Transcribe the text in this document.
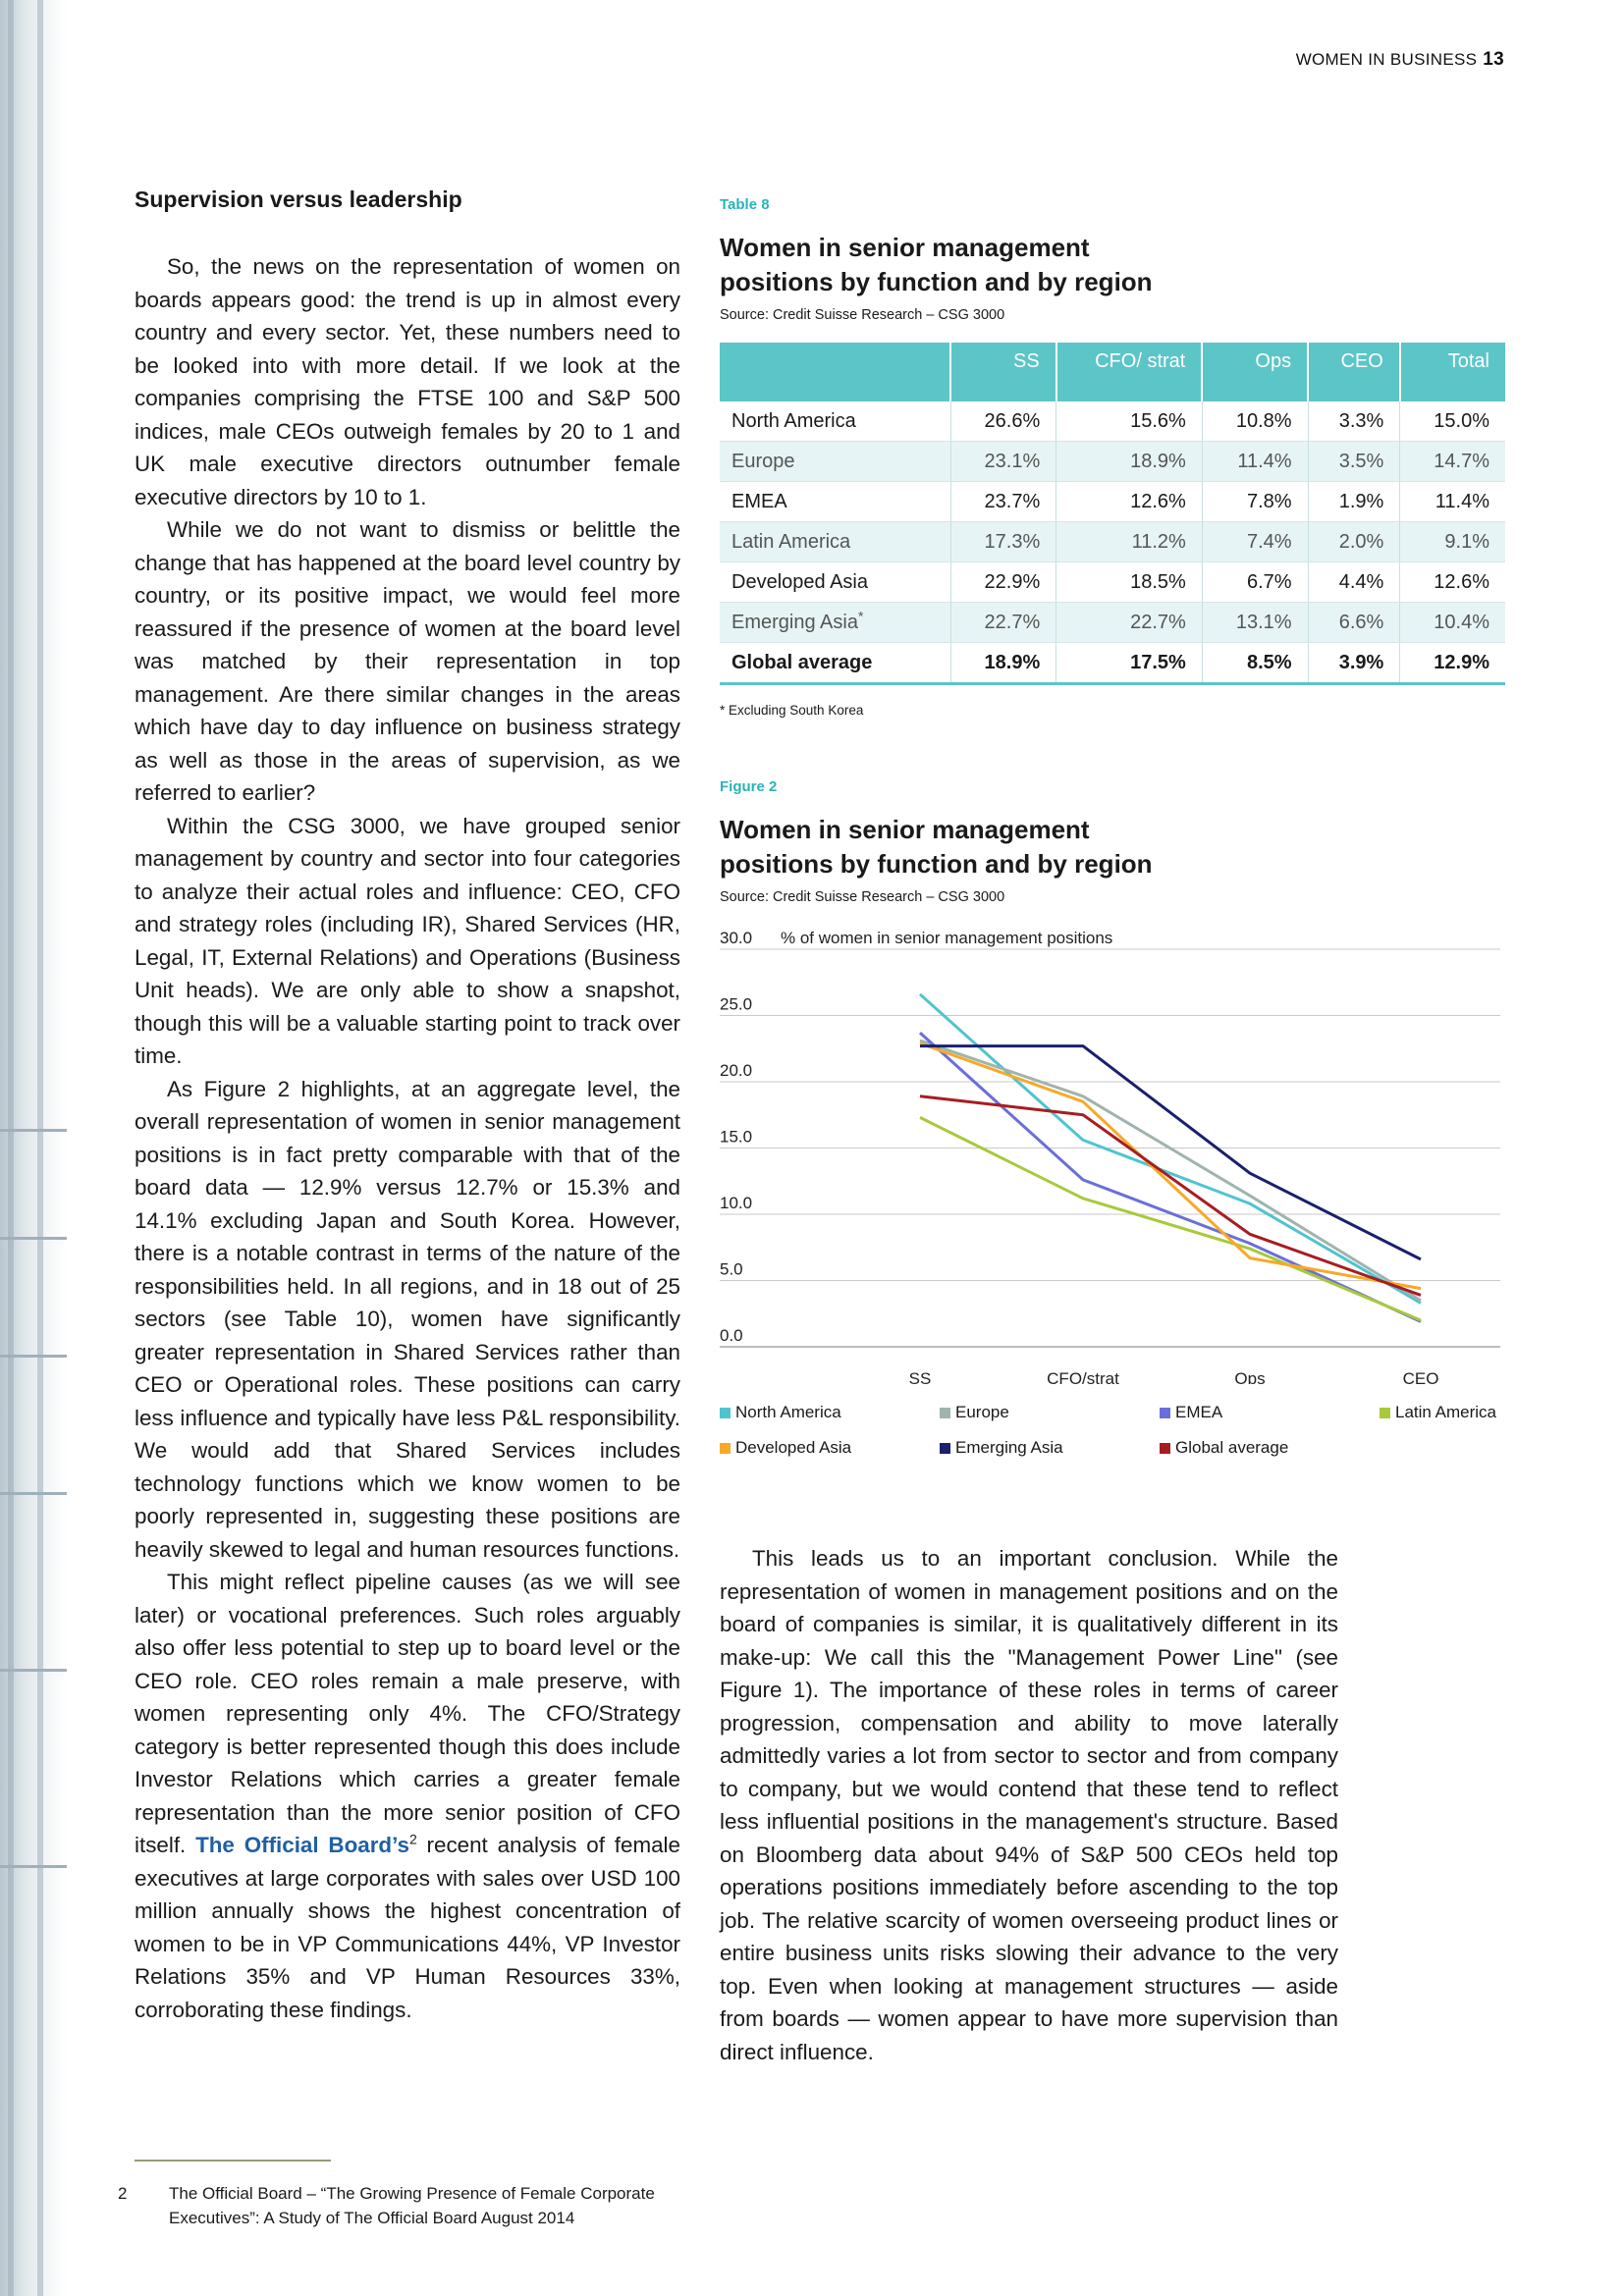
WOMEN IN BUSINESS 13
Supervision versus leadership

So, the news on the representation of women on boards appears good: the trend is up in almost every country and every sector. Yet, these numbers need to be looked into with more detail. If we look at the companies comprising the FTSE 100 and S&P 500 indices, male CEOs outweigh females by 20 to 1 and UK male executive directors outnumber female executive directors by 10 to 1.

While we do not want to dismiss or belittle the change that has happened at the board level country by country, or its positive impact, we would feel more reassured if the presence of women at the board level was matched by their representation in top management. Are there similar changes in the areas which have day to day influence on business strategy as well as those in the areas of supervision, as we referred to earlier?

Within the CSG 3000, we have grouped senior management by country and sector into four categories to analyze their actual roles and influence: CEO, CFO and strategy roles (including IR), Shared Services (HR, Legal, IT, External Relations) and Operations (Business Unit heads). We are only able to show a snapshot, though this will be a valuable starting point to track over time.

As Figure 2 highlights, at an aggregate level, the overall representation of women in senior management positions is in fact pretty comparable with that of the board data — 12.9% versus 12.7% or 15.3% and 14.1% excluding Japan and South Korea. However, there is a notable contrast in terms of the nature of the responsibilities held. In all regions, and in 18 out of 25 sectors (see Table 10), women have significantly greater representation in Shared Services rather than CEO or Operational roles. These positions can carry less influence and typically have less P&L responsibility. We would add that Shared Services includes technology functions which we know women to be poorly represented in, suggesting these positions are heavily skewed to legal and human resources functions.

This might reflect pipeline causes (as we will see later) or vocational preferences. Such roles arguably also offer less potential to step up to board level or the CEO role. CEO roles remain a male preserve, with women representing only 4%. The CFO/Strategy category is better represented though this does include Investor Relations which carries a greater female representation than the more senior position of CFO itself. The Official $Board’s^2$ recent analysis of female executives at large corporates with sales over USD 100 million annually shows the highest concentration of women to be in VP Communications 44%, VP Investor Relations 35% and VP Human Resources 33%, corroborating these findings.

2	The Official Board – “The Growing Presence of Female Corporate Executives”: A Study of The Official Board August 2014

Table 8

Women in senior management
positions by function and by region

Source: Credit Suisse Research – CSG 3000

	SS	CFO/ strat	Ops	CEO	Total
North America	26.6%	15.6%	10.8%	3.3%	15.0%
Europe	23.1%	18.9%	11.4%	3.5%	14.7%
EMEA	23.7%	12.6%	7.8%	1.9%	11.4%
Latin America	17.3%	11.2%	7.4%	2.0%	9.1%
Developed Asia	22.9%	18.5%	6.7%	4.4%	12.6%
Emerging Asia*	22.7%	22.7%	13.1%	6.6%	10.4%
Global average	18.9%	17.5%	8.5%	3.9%	12.9%

* Excluding South Korea

Figure 2

Women in senior management
positions by function and by region

Source: Credit Suisse Research – CSG 3000

0.0
5.0
10.0
15.0
20.0
25.0
30.0 % of women in senior management positions
SS	CFO/strat	Ops	CEO
North America	Europe	EMEA	Latin America
Developed Asia	Emerging Asia	Global average

This leads us to an important conclusion. While the representation of women in management positions and on the board of companies is similar, it is qualitatively different in its make-up: We call this the "Management Power Line" (see Figure 1). The importance of these roles in terms of career progression, compensation and ability to move laterally admittedly varies a lot from sector to sector and from company to company, but we would contend that these tend to reflect less influential positions in the management's structure. Based on Bloomberg data about 94% of S&P 500 CEOs held top operations positions immediately before ascending to the top job. The relative scarcity of women overseeing product lines or entire business units risks slowing their advance to the very top. Even when looking at management structures — aside from boards — women appear to have more supervision than direct influence.
